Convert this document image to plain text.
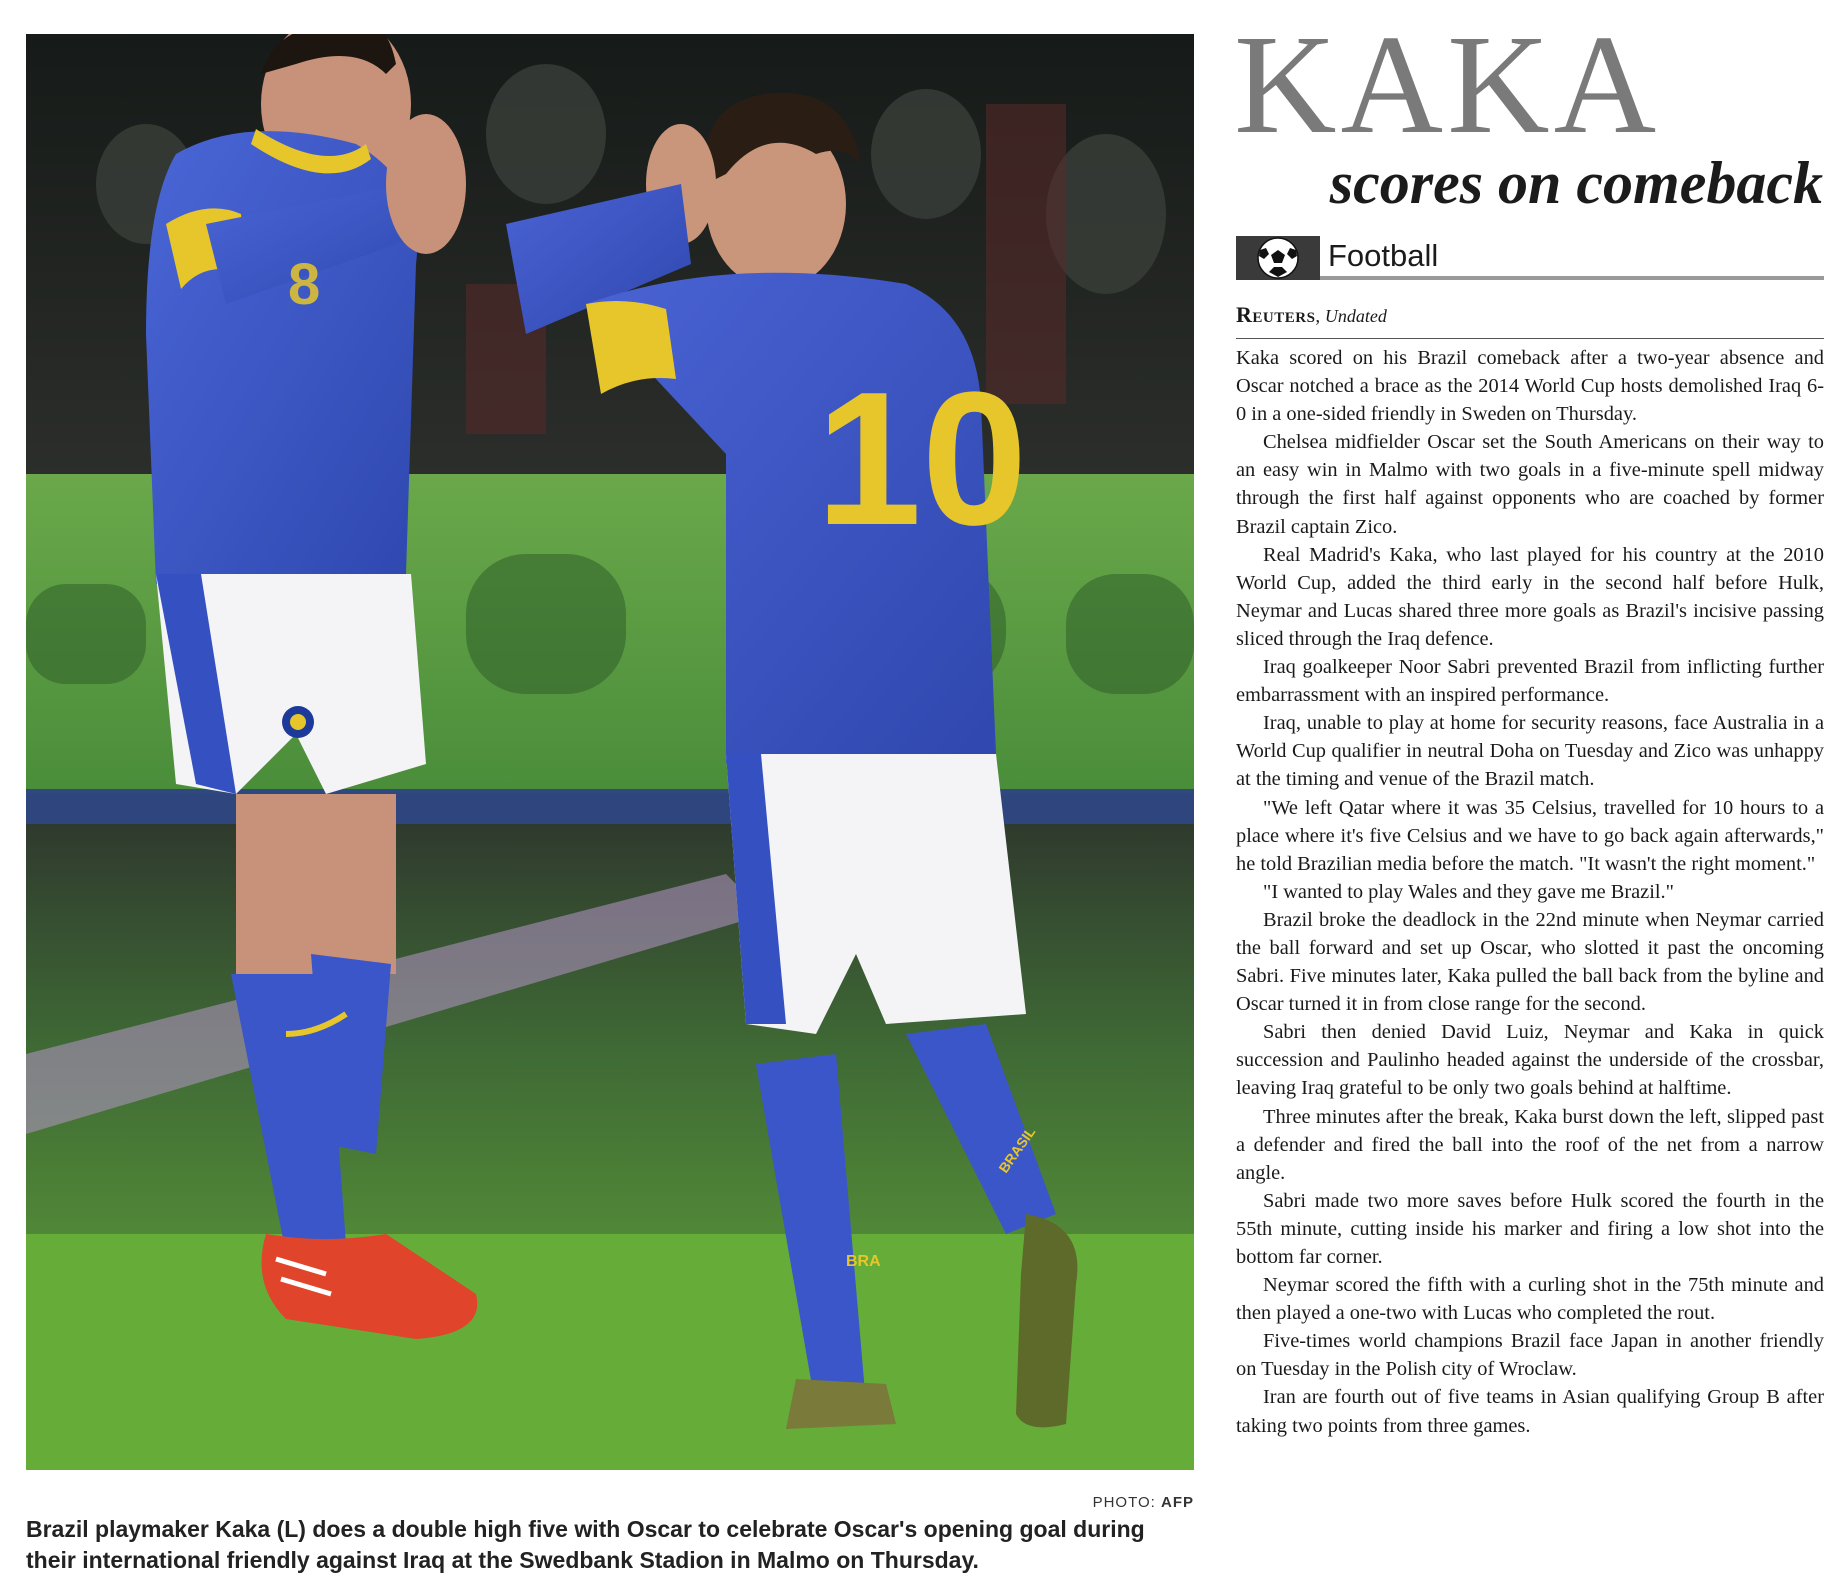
8
10
BRA
BRASIL
PHOTO: AFP
Brazil playmaker Kaka (L) does a double high five with Oscar to celebrate Oscar's opening goal during their international friendly against Iraq at the Swedbank Stadion in Malmo on Thursday.
KAKA
scores on comeback
Football
Reuters, Undated

Kaka scored on his Brazil comeback after a two-year absence and Oscar notched a brace as the 2014 World Cup hosts demolished Iraq 6-0 in a one-sided friendly in Sweden on Thursday.

Chelsea midfielder Oscar set the South Americans on their way to an easy win in Malmo with two goals in a five-minute spell midway through the first half against opponents who are coached by former Brazil captain Zico.

Real Madrid's Kaka, who last played for his country at the 2010 World Cup, added the third early in the second half before Hulk, Neymar and Lucas shared three more goals as Brazil's incisive passing sliced through the Iraq defence.

Iraq goalkeeper Noor Sabri prevented Brazil from inflicting further embarrassment with an inspired performance.

Iraq, unable to play at home for security reasons, face Australia in a World Cup qualifier in neutral Doha on Tuesday and Zico was unhappy at the timing and venue of the Brazil match.

"We left Qatar where it was 35 Celsius, travelled for 10 hours to a place where it's five Celsius and we have to go back again afterwards," he told Brazilian media before the match. "It wasn't the right moment."

"I wanted to play Wales and they gave me Brazil."

Brazil broke the deadlock in the 22nd minute when Neymar carried the ball forward and set up Oscar, who slotted it past the oncoming Sabri. Five minutes later, Kaka pulled the ball back from the byline and Oscar turned it in from close range for the second.

Sabri then denied David Luiz, Neymar and Kaka in quick succession and Paulinho headed against the underside of the crossbar, leaving Iraq grateful to be only two goals behind at halftime.

Three minutes after the break, Kaka burst down the left, slipped past a defender and fired the ball into the roof of the net from a narrow angle.

Sabri made two more saves before Hulk scored the fourth in the 55th minute, cutting inside his marker and firing a low shot into the bottom far corner.

Neymar scored the fifth with a curling shot in the 75th minute and then played a one-two with Lucas who completed the rout.

Five-times world champions Brazil face Japan in another friendly on Tuesday in the Polish city of Wroclaw.

Iran are fourth out of five teams in Asian qualifying Group B after taking two points from three games.
